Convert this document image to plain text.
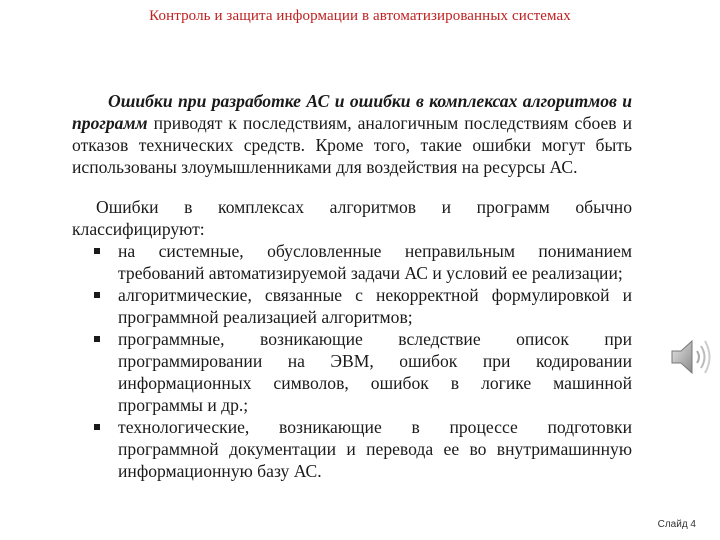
Контроль и защита информации в автоматизированных системах

Ошибки при разработке АС и ошибки в комплексах алгоритмов и программ приводят к последствиям, аналогичным последствиям сбоев и отказов технических средств. Кроме того, такие ошибки могут быть использованы злоумышленниками для воздействия на ресурсы АС.

Ошибки в комплексах алгоритмов и программ обычно классифицируют:

на системные, обусловленные неправильным пониманием требований автоматизируемой задачи АС и условий ее реализации;
алгоритмические, связанные с некорректной формулировкой и программной реализацией алгоритмов;
программные, возникающие вследствие описок при программировании на ЭВМ, ошибок при кодировании информационных символов, ошибок в логике машинной программы и др.;
технологические, возникающие в процессе подготовки программной документации и перевода ее во внутримашинную информационную базу АС.
Слайд 4
